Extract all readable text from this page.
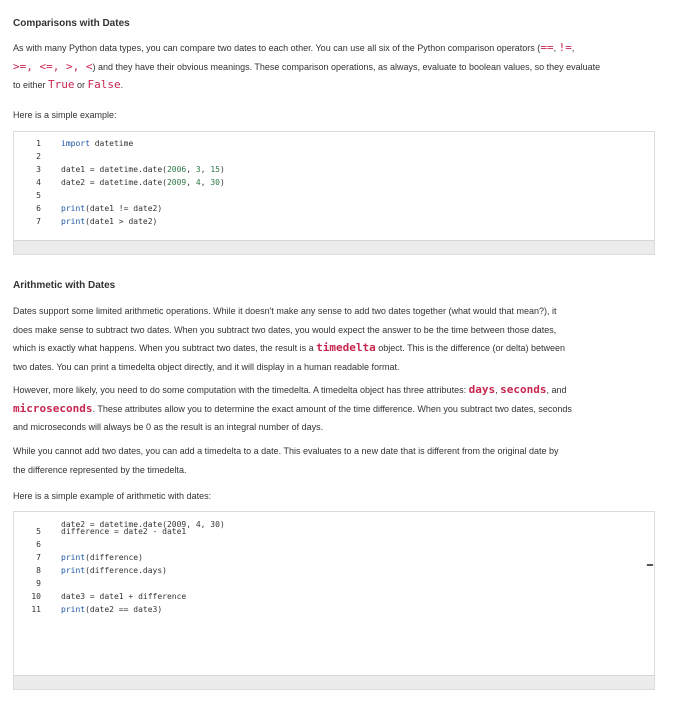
Comparisons with Dates

As with many Python data types, you can compare two dates to each other. You can use all six of the Python comparison operators (==, !=,
>=, <=, >, <) and they have their obvious meanings. These comparison operations, as always, evaluate to boolean values, so they evaluate
to either True or False.

Here is a simple example:

1	import datetime
2
3	date1 = datetime.date(2006, 3, 15)
4	date2 = datetime.date(2009, 4, 30)
5
6	print(date1 != date2)
7	print(date1 > date2)
Arithmetic with Dates

Dates support some limited arithmetic operations. While it doesn't make any sense to add two dates together (what would that mean?), it
does make sense to subtract two dates. When you subtract two dates, you would expect the answer to be the time between those dates,
which is exactly what happens. When you subtract two dates, the result is a timedelta object. This is the difference (or delta) between
two dates. You can print a timedelta object directly, and it will display in a human readable format.

However, more likely, you need to do some computation with the timedelta. A timedelta object has three attributes: days, seconds, and
microseconds. These attributes allow you to determine the exact amount of the time difference. When you subtract two dates, seconds
and microseconds will always be 0 as the result is an integral number of days.

While you cannot add two dates, you can add a timedelta to a date. This evaluates to a new date that is different from the original date by
the difference represented by the timedelta.

Here is a simple example of arithmetic with dates:

date2 = datetime.date(2009, 4, 30)

5	difference = date2 - date1
6
7	print(difference)
8	print(difference.days)
9
10	date3 = date1 + difference
11	print(date2 == date3)
